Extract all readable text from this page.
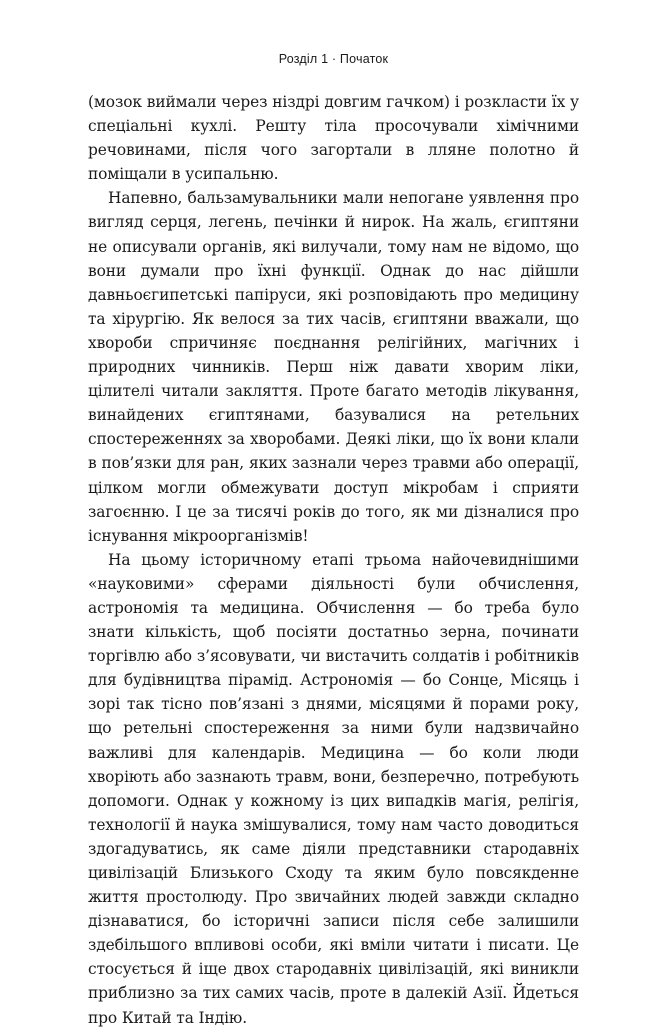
Розділ 1 · Початок

(мозок виймали через ніздрі довгим гачком) і розкласти їх у спеціальні кухлі. Решту тіла просочували хімічними речовинами, після чого загортали в лляне полотно й поміщали в усипальню.

Напевно, бальзамувальники мали непогане уявлення про вигляд серця, легень, печінки й нирок. На жаль, єгиптяни не описували органів, які вилучали, тому нам не відомо, що вони думали про їхні функції. Однак до нас дійшли давньоєгипетські папіруси, які розповідають про медицину та хірургію. Як велося за тих часів, єгиптяни вважали, що хвороби спричиняє поєднання релігійних, магічних і природних чинників. Перш ніж давати хворим ліки, цілителі читали закляття. Проте багато методів лікування, винайдених єгиптянами, базувалися на ретельних спостереженнях за хворобами. Деякі ліки, що їх вони клали в пов’язки для ран, яких зазнали через травми або операції, цілком могли обмежувати доступ мікробам і сприяти загоєнню. І це за тисячі років до того, як ми дізналися про існування мікроорганізмів!

На цьому історичному етапі трьома найочевиднішими «науковими» сферами діяльності були обчислення, астрономія та медицина. Обчислення — бо треба було знати кількість, щоб посіяти достатньо зерна, починати торгівлю або з’ясовувати, чи вистачить солдатів і робітників для будівництва пірамід. Астрономія — бо Сонце, Місяць і зорі так тісно пов’язані з днями, місяцями й порами року, що ретельні спостереження за ними були надзвичайно важливі для календарів. Медицина — бо коли люди хворіють або зазнають травм, вони, безперечно, потребують допомоги. Однак у кожному із цих випадків магія, релігія, технології й наука змішувалися, тому нам часто доводиться здогадуватись, як саме діяли представники стародавніх цивілізацій Близького Сходу та яким було повсякденне життя простолюду. Про звичайних людей завжди складно дізнаватися, бо історичні записи після себе залишили здебільшого впливові особи, які вміли читати і писати. Це стосується й іще двох стародавніх цивілізацій, які виникли приблизно за тих самих часів, проте в далекій Азії. Йдеться про Китай та Індію.
